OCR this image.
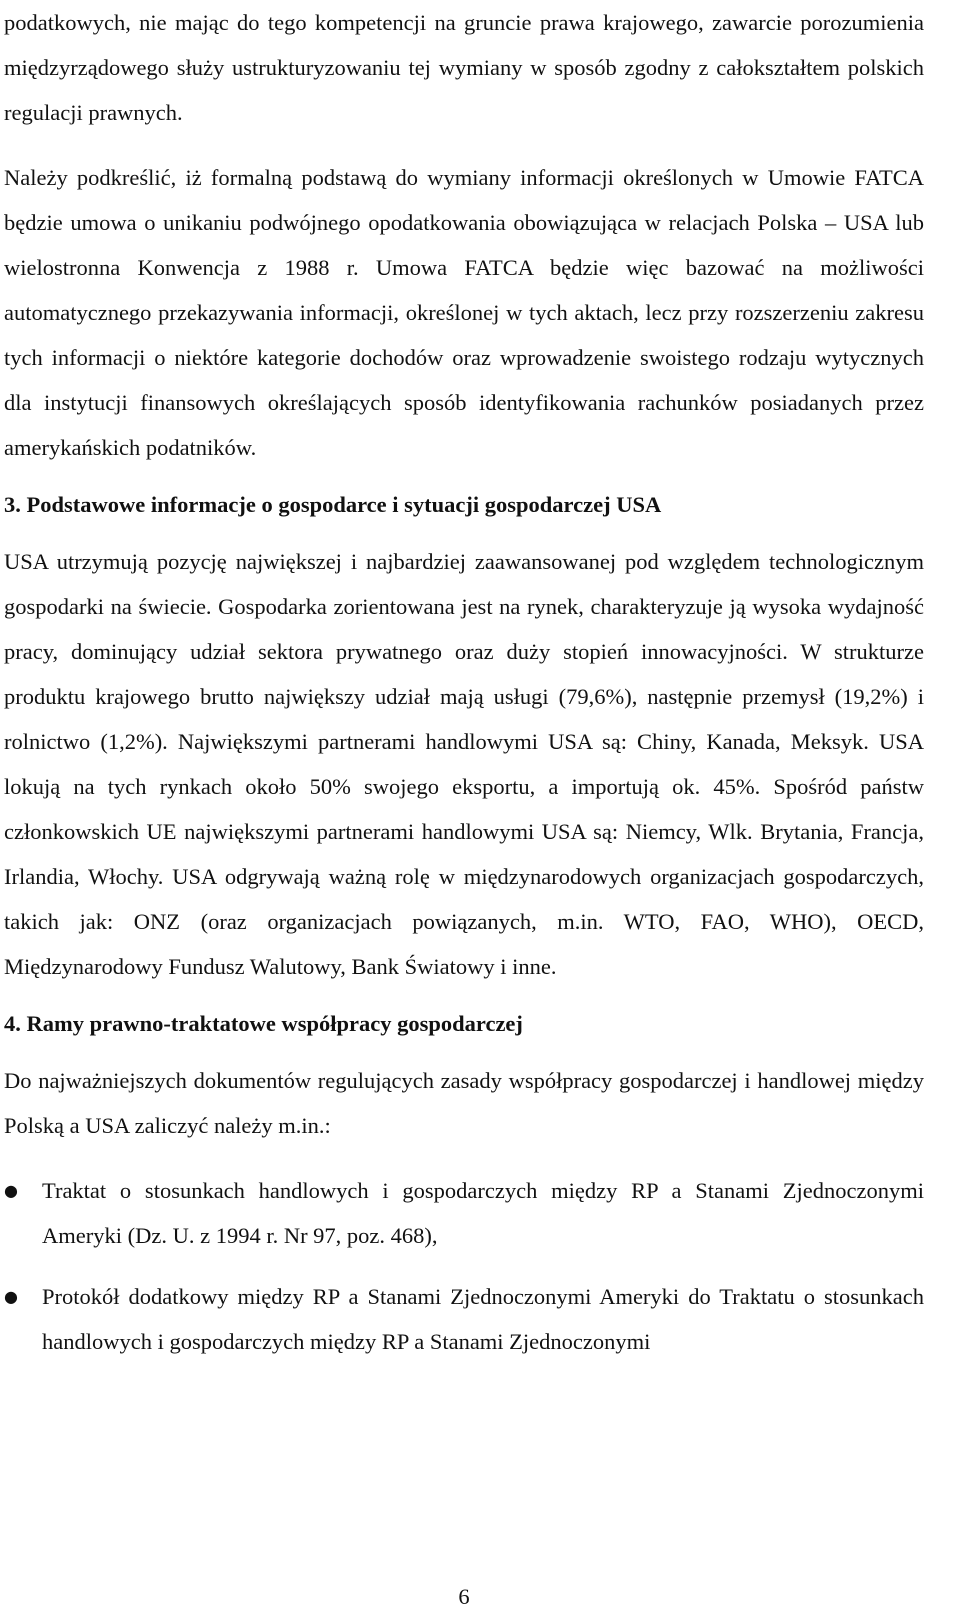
podatkowych, nie mając do tego kompetencji na gruncie prawa krajowego, zawarcie porozumienia międzyrządowego służy ustrukturyzowaniu tej wymiany w sposób zgodny z całokształtem polskich regulacji prawnych.

Należy podkreślić, iż formalną podstawą do wymiany informacji określonych w Umowie FATCA będzie umowa o unikaniu podwójnego opodatkowania obowiązująca w relacjach Polska – USA lub wielostronna Konwencja z 1988 r. Umowa FATCA będzie więc bazować na możliwości automatycznego przekazywania informacji, określonej w tych aktach, lecz przy rozszerzeniu zakresu tych informacji o niektóre kategorie dochodów oraz wprowadzenie swoistego rodzaju wytycznych dla instytucji finansowych określających sposób identyfikowania rachunków posiadanych przez amerykańskich podatników.

3. Podstawowe informacje o gospodarce i sytuacji gospodarczej USA

USA utrzymują pozycję największej i najbardziej zaawansowanej pod względem technologicznym gospodarki na świecie. Gospodarka zorientowana jest na rynek, charakteryzuje ją wysoka wydajność pracy, dominujący udział sektora prywatnego oraz duży stopień innowacyjności. W strukturze produktu krajowego brutto największy udział mają usługi (79,6%), następnie przemysł (19,2%) i rolnictwo (1,2%). Największymi partnerami handlowymi USA są: Chiny, Kanada, Meksyk. USA lokują na tych rynkach około 50% swojego eksportu, a importują ok. 45%. Spośród państw członkowskich UE największymi partnerami handlowymi USA są: Niemcy, Wlk. Brytania, Francja, Irlandia, Włochy. USA odgrywają ważną rolę w międzynarodowych organizacjach gospodarczych, takich jak: ONZ (oraz organizacjach powiązanych, m.in. WTO, FAO, WHO), OECD, Międzynarodowy Fundusz Walutowy, Bank Światowy i inne.

4. Ramy prawno-traktatowe współpracy gospodarczej

Do najważniejszych dokumentów regulujących zasady współpracy gospodarczej i handlowej między Polską a USA zaliczyć należy m.in.:

●	Traktat o stosunkach handlowych i gospodarczych między RP a Stanami Zjednoczonymi Ameryki (Dz. U. z 1994 r. Nr 97, poz. 468),
●	Protokół dodatkowy między RP a Stanami Zjednoczonymi Ameryki do Traktatu o stosunkach handlowych i gospodarczych między RP a Stanami Zjednoczonymi
6
